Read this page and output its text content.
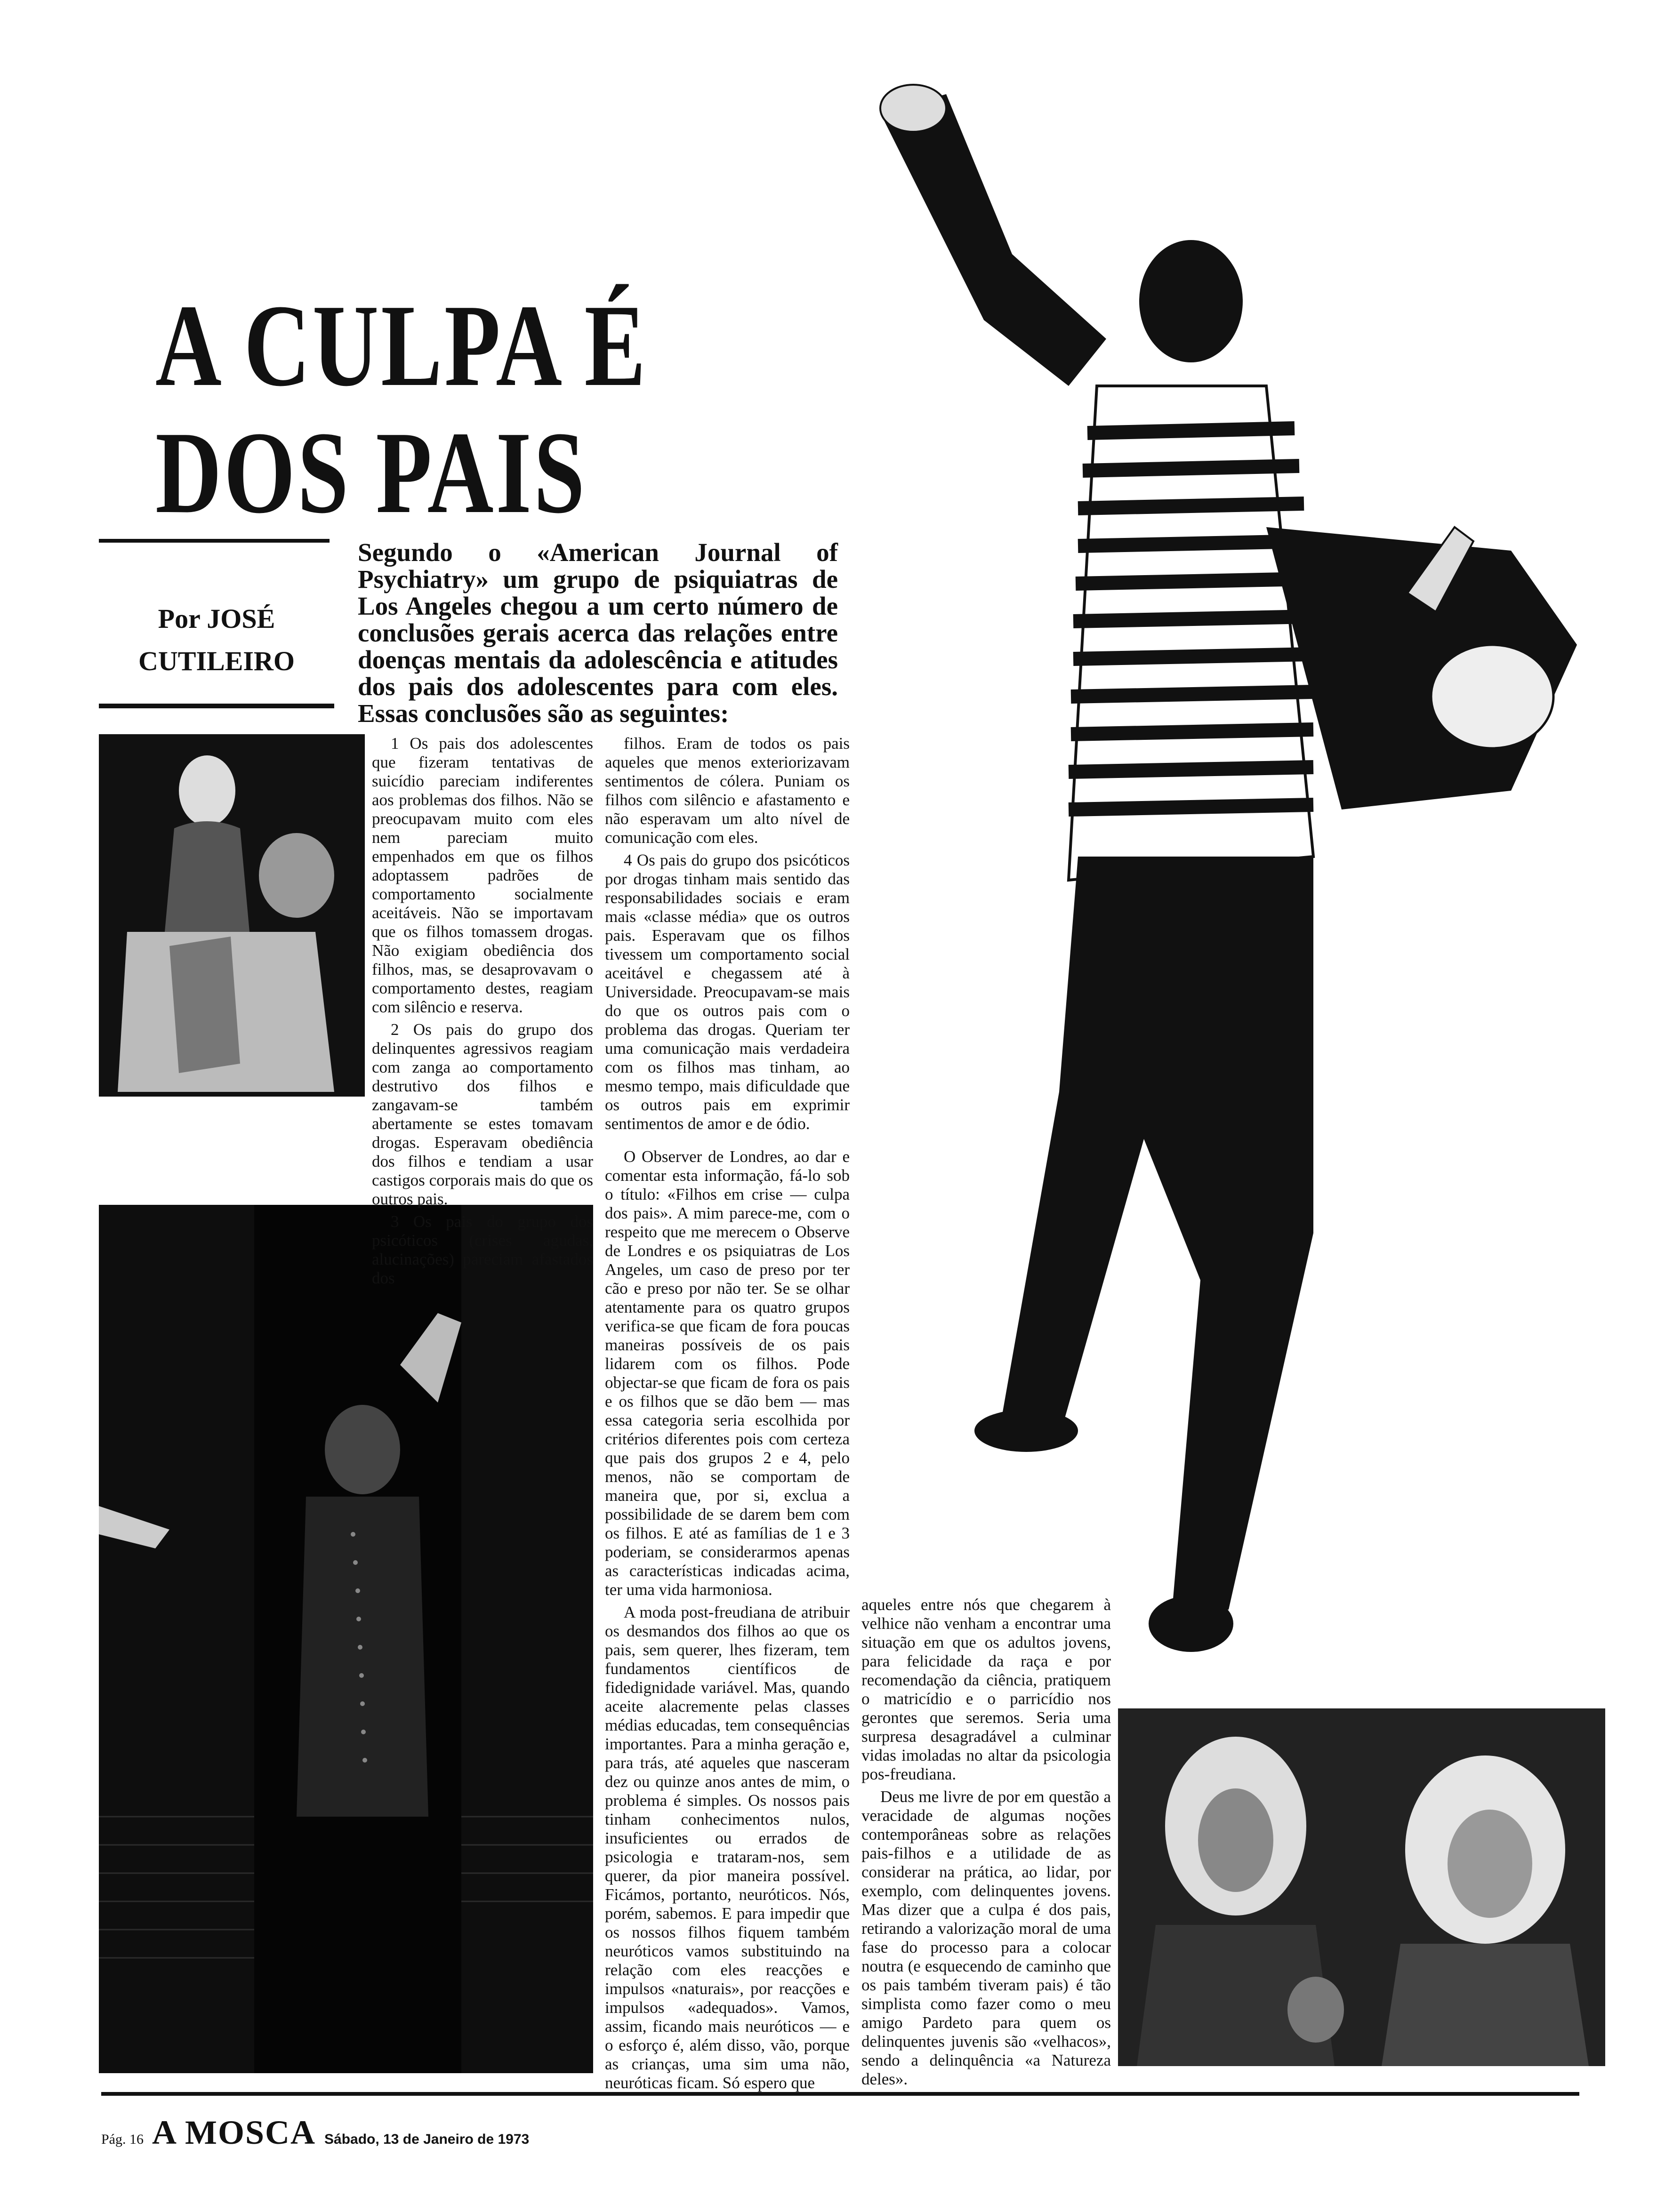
A CULPA É
DOS PAIS
Por JOSÉ
CUTILEIRO
Segundo o «American Journal of Psychiatry» um grupo de psiquiatras de Los Angeles chegou a um certo número de conclusões gerais acerca das relações entre doenças mentais da adolescência e atitudes dos pais dos adolescentes para com eles. Essas conclusões são as seguintes:

1 Os pais dos adolescentes que fizeram tentativas de suicídio pareciam indiferentes aos problemas dos filhos. Não se preocupavam muito com eles nem pareciam muito empenhados em que os filhos adoptassem padrões de comportamento socialmente aceitáveis. Não se importavam que os filhos tomassem drogas. Não exigiam obediência dos filhos, mas, se desaprovavam o comportamento destes, reagiam com silêncio e reserva.

2 Os pais do grupo dos delinquentes agressivos reagiam com zanga ao comportamento destrutivo dos filhos e zangavam-se também abertamente se estes tomavam drogas. Esperavam obediência dos filhos e tendiam a usar castigos corporais mais do que os outros pais.

3 Os pais do grupo dos psicóticos (crises agudas, alucinações) pareciam afastados dos

filhos. Eram de todos os pais aqueles que menos exteriorizavam sentimentos de cólera. Puniam os filhos com silêncio e afastamento e não esperavam um alto nível de comunicação com eles.

4 Os pais do grupo dos psicóticos por drogas tinham mais sentido das responsabilidades sociais e eram mais «classe média» que os outros pais. Esperavam que os filhos tivessem um comportamento social aceitável e chegassem até à Universidade. Preocupavam-se mais do que os outros pais com o problema das drogas. Queriam ter uma comunicação mais verdadeira com os filhos mas tinham, ao mesmo tempo, mais dificuldade que os outros pais em exprimir sentimentos de amor e de ódio.

O Observer de Londres, ao dar e comentar esta informação, fá-lo sob o título: «Filhos em crise — culpa dos pais». A mim parece-me, com o respeito que me merecem o Observe de Londres e os psiquiatras de Los Angeles, um caso de preso por ter cão e preso por não ter. Se se olhar atentamente para os quatro grupos verifica-se que ficam de fora poucas maneiras possíveis de os pais lidarem com os filhos. Pode objectar-se que ficam de fora os pais e os filhos que se dão bem — mas essa categoria seria escolhida por critérios diferentes pois com certeza que pais dos grupos 2 e 4, pelo menos, não se comportam de maneira que, por si, exclua a possibilidade de se darem bem com os filhos. E até as famílias de 1 e 3 poderiam, se considerarmos apenas as características indicadas acima, ter uma vida harmoniosa.

A moda post-freudiana de atribuir os desmandos dos filhos ao que os pais, sem querer, lhes fizeram, tem fundamentos científicos de fidedignidade variável. Mas, quando aceite alacremente pelas classes médias educadas, tem consequências importantes. Para a minha geração e, para trás, até aqueles que nasceram dez ou quinze anos antes de mim, o problema é simples. Os nossos pais tinham conhecimentos nulos, insuficientes ou errados de psicologia e trataram-nos, sem querer, da pior maneira possível. Ficámos, portanto, neuróticos. Nós, porém, sabemos. E para impedir que os nossos filhos fiquem também neuróticos vamos substituindo na relação com eles reacções e impulsos «naturais», por reacções e impulsos «adequados». Vamos, assim, ficando mais neuróticos — e o esforço é, além disso, vão, porque as crianças, uma sim uma não, neuróticas ficam. Só espero que

aqueles entre nós que chegarem à velhice não venham a encontrar uma situação em que os adultos jovens, para felicidade da raça e por recomendação da ciência, pratiquem o matricídio e o parricídio nos gerontes que seremos. Seria uma surpresa desagradável a culminar vidas imoladas no altar da psicologia pos-freudiana.

Deus me livre de por em questão a veracidade de algumas noções contemporâneas sobre as relações pais-filhos e a utilidade de as considerar na prática, ao lidar, por exemplo, com delinquentes jovens. Mas dizer que a culpa é dos pais, retirando a valorização moral de uma fase do processo para a colocar noutra (e esquecendo de caminho que os pais também tiveram pais) é tão simplista como fazer como o meu amigo Pardeto para quem os delinquentes juvenis são «velhacos», sendo a delinquência «a Natureza deles».

Pág. 16 A MOSCA Sábado, 13 de Janeiro de 1973
